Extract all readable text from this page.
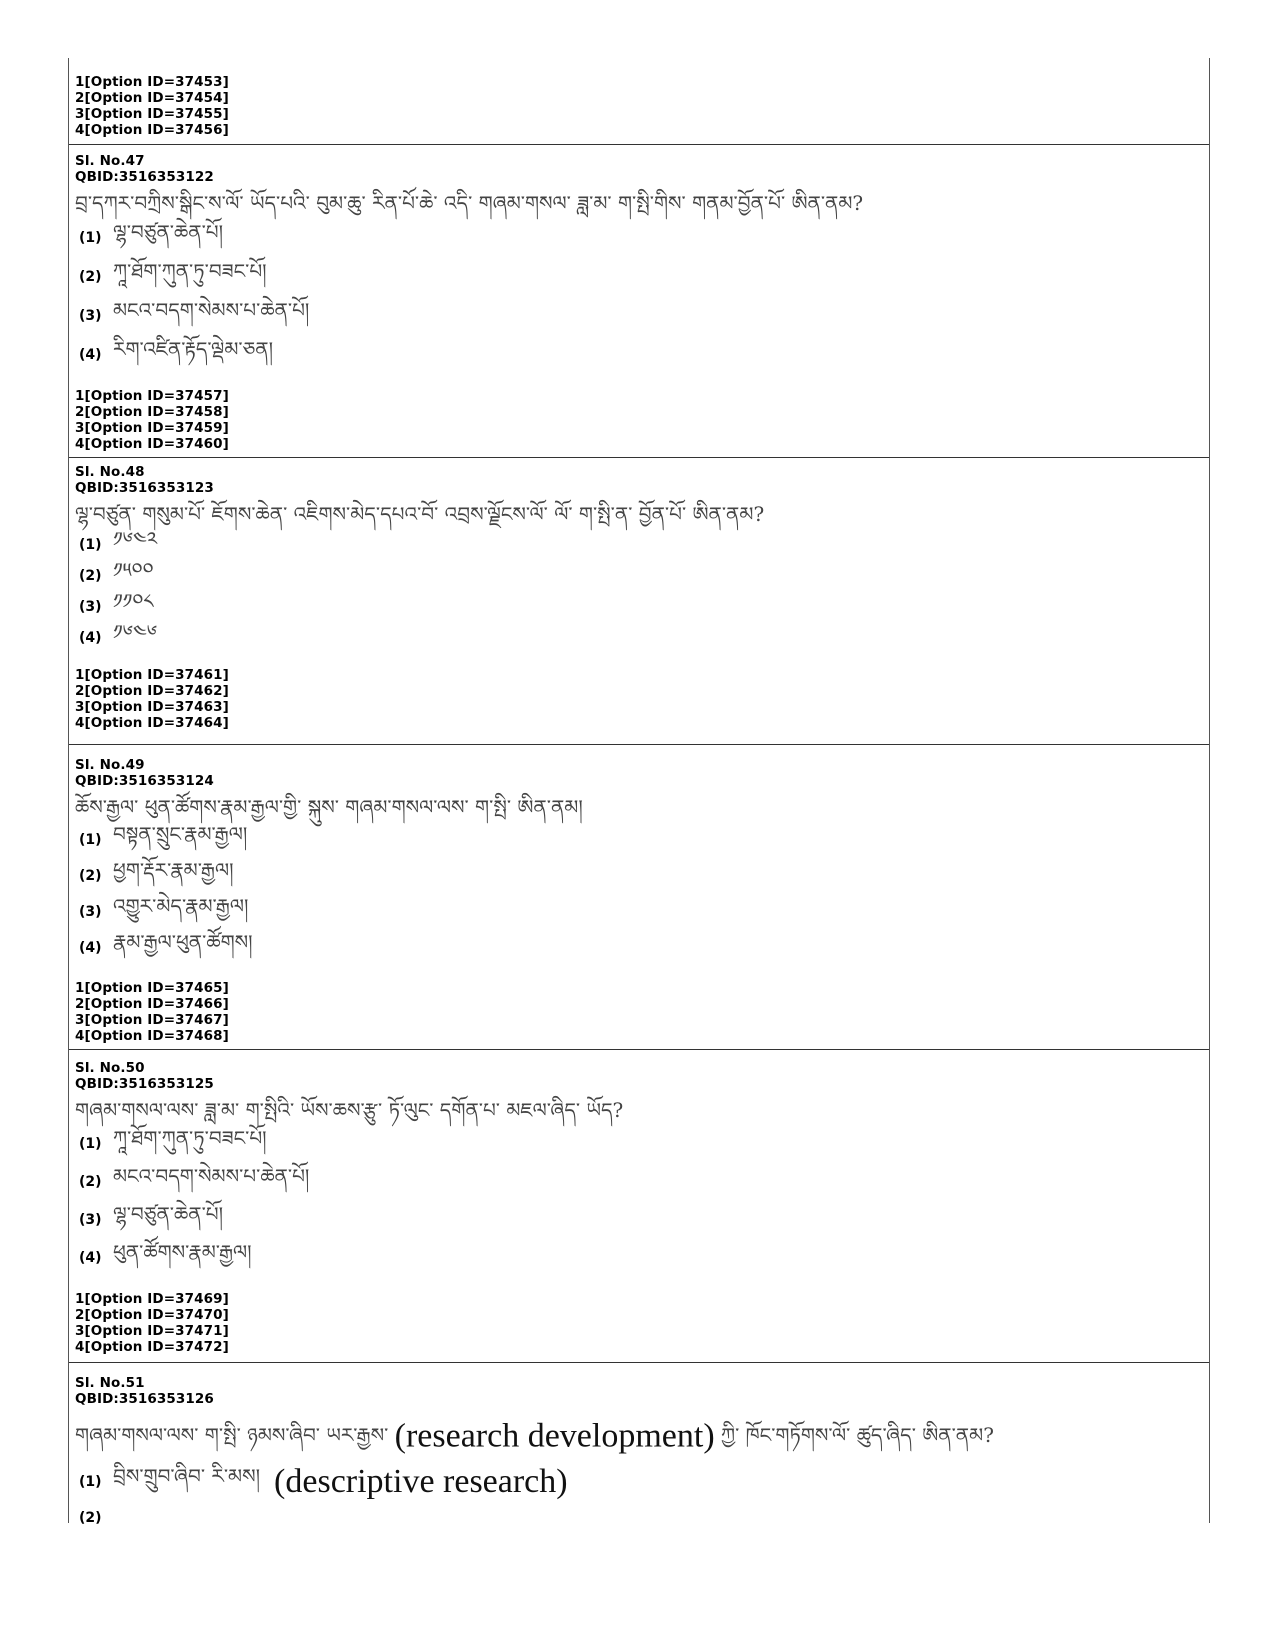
1[Option ID=37453]
2[Option ID=37454]
3[Option ID=37455]
4[Option ID=37456]
Sl. No.47
QBID:3516353122
བྲ་དཀར་བཀྲིས་སྒིང་ས་ལོ་ ཡོད་པའི་ བུམ་ཆུ་ རིན་པོ་ཆེ་ འདི་ གཞམ་གསལ་ ཟླ་མ་ ག་སྤི་གིས་ གནམ་བྱོན་པོ་ ཨིན་ནམ?
(1) ལྷ་བཙུན་ཆེན་པོ།
(2) ཀཱ་ཐོག་ཀུན་ཏུ་བཟང་པོ།
(3) མངའ་བདག་སེམས་པ་ཆེན་པོ།
(4) རིག་འཛིན་རྟོད་ལྡེམ་ཅན།
1[Option ID=37457]
2[Option ID=37458]
3[Option ID=37459]
4[Option ID=37460]
Sl. No.48
QBID:3516353123
ལྷ་བཙུན་ གསུམ་པོ་ ཇོགས་ཆེན་ འཇིགས་མེད་དཔའ་བོ་ འབྲས་ལྗོངས་ལོ་ ལོ་ ག་སྤི་ན་ བྱོན་པོ་ ཨིན་ནམ?
(1) ༡༦༤༢
(2) ༡༥༠༠
(3) ༡༡༠༨
(4) ༡༦༤༦
1[Option ID=37461]
2[Option ID=37462]
3[Option ID=37463]
4[Option ID=37464]
Sl. No.49
QBID:3516353124
ཆོས་རྒྱལ་ ཕུན་ཚོགས་རྣམ་རྒྱལ་གྱི་ སྐུས་ གཞམ་གསལ་ལས་ ག་སྤི་ ཨིན་ནམ།
(1) བསྟན་སྲུང་རྣམ་རྒྱལ།
(2) ཕྱག་རྡོར་རྣམ་རྒྱལ།
(3) འགྱུར་མེད་རྣམ་རྒྱལ།
(4) རྣམ་རྒྱལ་ཕུན་ཚོགས།
1[Option ID=37465]
2[Option ID=37466]
3[Option ID=37467]
4[Option ID=37468]
Sl. No.50
QBID:3516353125
གཞམ་གསལ་ལས་ ཟླ་མ་ ག་སྤིའི་ ཡོས་ཆས་རྩུ་ ཏོ་ལུང་ དགོན་པ་ མཇལ་ཞིད་ ཡོད?
(1) ཀཱ་ཐོག་ཀུན་ཏུ་བཟང་པོ།
(2) མངའ་བདག་སེམས་པ་ཆེན་པོ།
(3) ལྷ་བཙུན་ཆེན་པོ།
(4) ཕུན་ཚོགས་རྣམ་རྒྱལ།
1[Option ID=37469]
2[Option ID=37470]
3[Option ID=37471]
4[Option ID=37472]
Sl. No.51
QBID:3516353126
གཞམ་གསལ་ལས་ ག་སྤི་ ཉམས་ཞིབ་ ཡར་རྒྱས་ (research development) ཀྱི་ ཁོང་གཏོགས་ལོ་ ཚུད་ཞིད་ ཨིན་ནམ?
(1) བྲིས་གྲུབ་ཞིབ་ རི་མས། (descriptive research)
(2)
